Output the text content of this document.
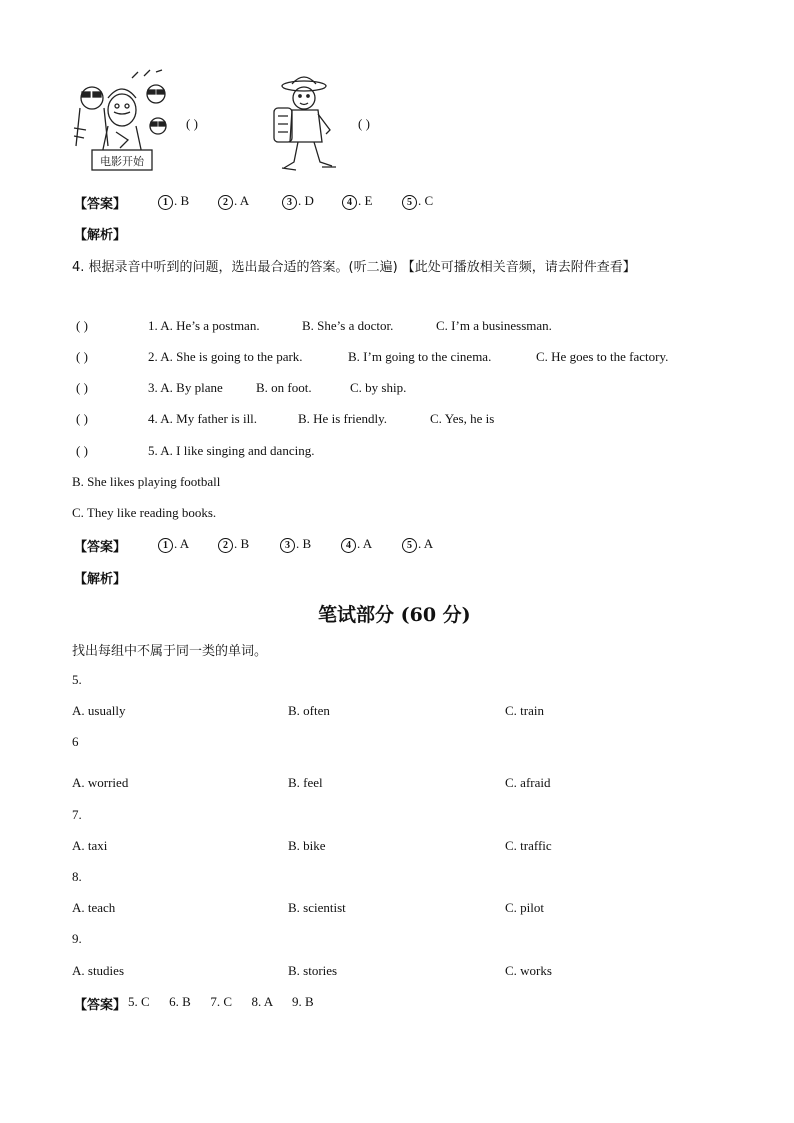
电影开始
( )	( )
【答案】	1 . B	2 . A	3 . D	4 . E	5 . C
【解析】
4. 根据录音中听到的问题，选出最合适的答案。(听二遍) 【此处可播放相关音频，请去附件查看】
( )	1. A. He’s a postman.	B. She’s a doctor.	C. I’m a businessman.
( )	2. A. She is going to the park.	B. I’m going to the cinema.	C. He goes to the factory.
( )	3. A. By plane	B. on foot.	C. by ship.
( )	4. A. My father is ill.	B. He is friendly.	C. Yes, he is
( )	5. A. I like singing and dancing.
B. She likes playing football
C. They like reading books.
【答案】	1 . A	2 . B	3 . B	4 . A	5 . A
【解析】
笔试部分 (60 分)
找出每组中不属于同一类的单词。
5.
A. usually	B. often	C. train
6
A. worried	B. feel	C. afraid
7.
A. taxi	B. bike	C. traffic
8.
A. teach	B. scientist	C. pilot
9.
A. studies	B. stories	C. works
【答案】 5. C      6. B      7. C      8. A      9. B
